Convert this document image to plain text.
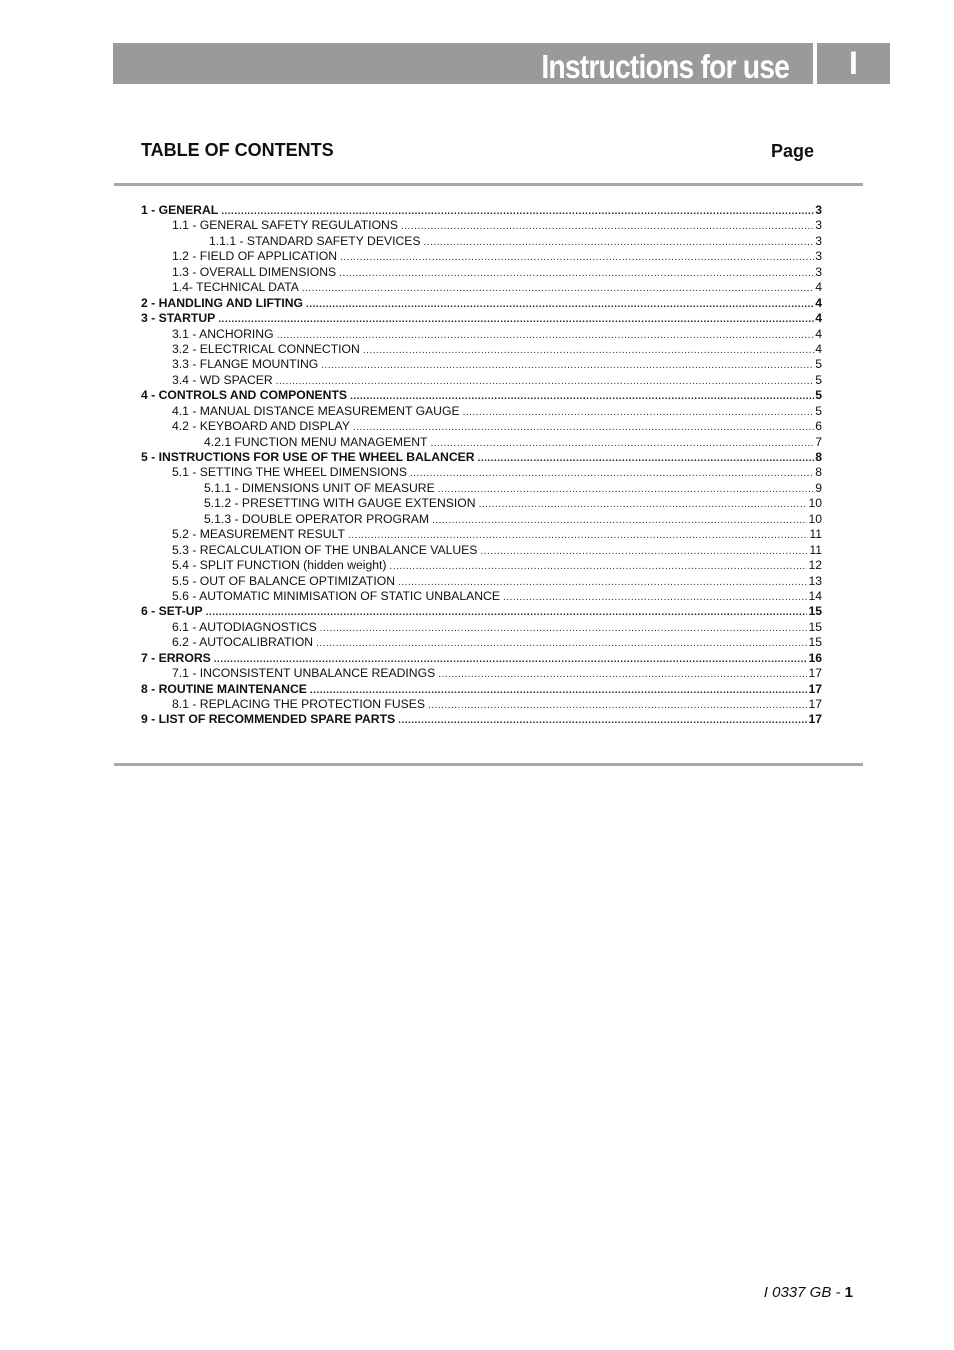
Instructions for use	I
TABLE OF CONTENTS	Page
1 - GENERAL .....	3
1.1 - GENERAL SAFETY REGULATIONS .....	3
1.1.1 - STANDARD SAFETY DEVICES .....	3
1.2 - FIELD OF APPLICATION .....	3
1.3 - OVERALL DIMENSIONS .....	3
1.4- TECHNICAL DATA .....	4
2 - HANDLING AND LIFTING .....	4
3 - STARTUP .....	4
3.1 - ANCHORING .....	4
3.2 - ELECTRICAL CONNECTION .....	4
3.3 - FLANGE MOUNTING .....	5
3.4 - WD SPACER .....	5
4 - CONTROLS AND COMPONENTS .....	5
4.1 - MANUAL DISTANCE MEASUREMENT GAUGE .....	5
4.2 - KEYBOARD AND DISPLAY .....	6
4.2.1 FUNCTION MENU MANAGEMENT .....	7
5 - INSTRUCTIONS FOR USE OF THE WHEEL BALANCER .....	8
5.1 - SETTING THE WHEEL DIMENSIONS .....	8
5.1.1 - DIMENSIONS UNIT OF MEASURE .....	9
5.1.2 - PRESETTING WITH GAUGE EXTENSION .....	10
5.1.3 - DOUBLE OPERATOR PROGRAM .....	10
5.2 - MEASUREMENT RESULT .....	11
5.3 - RECALCULATION OF THE UNBALANCE VALUES .....	11
5.4 - SPLIT FUNCTION (hidden weight) .....	12
5.5 - OUT OF BALANCE OPTIMIZATION .....	13
5.6 - AUTOMATIC MINIMISATION OF STATIC UNBALANCE .....	14
6 - SET-UP .....	15
6.1 - AUTODIAGNOSTICS .....	15
6.2 - AUTOCALIBRATION .....	15
7 - ERRORS .....	16
7.1 - INCONSISTENT UNBALANCE READINGS .....	17
8 - ROUTINE MAINTENANCE .....	17
8.1 - REPLACING THE PROTECTION FUSES .....	17
9 - LIST OF RECOMMENDED SPARE PARTS .....	17
I 0337 GB - 1
